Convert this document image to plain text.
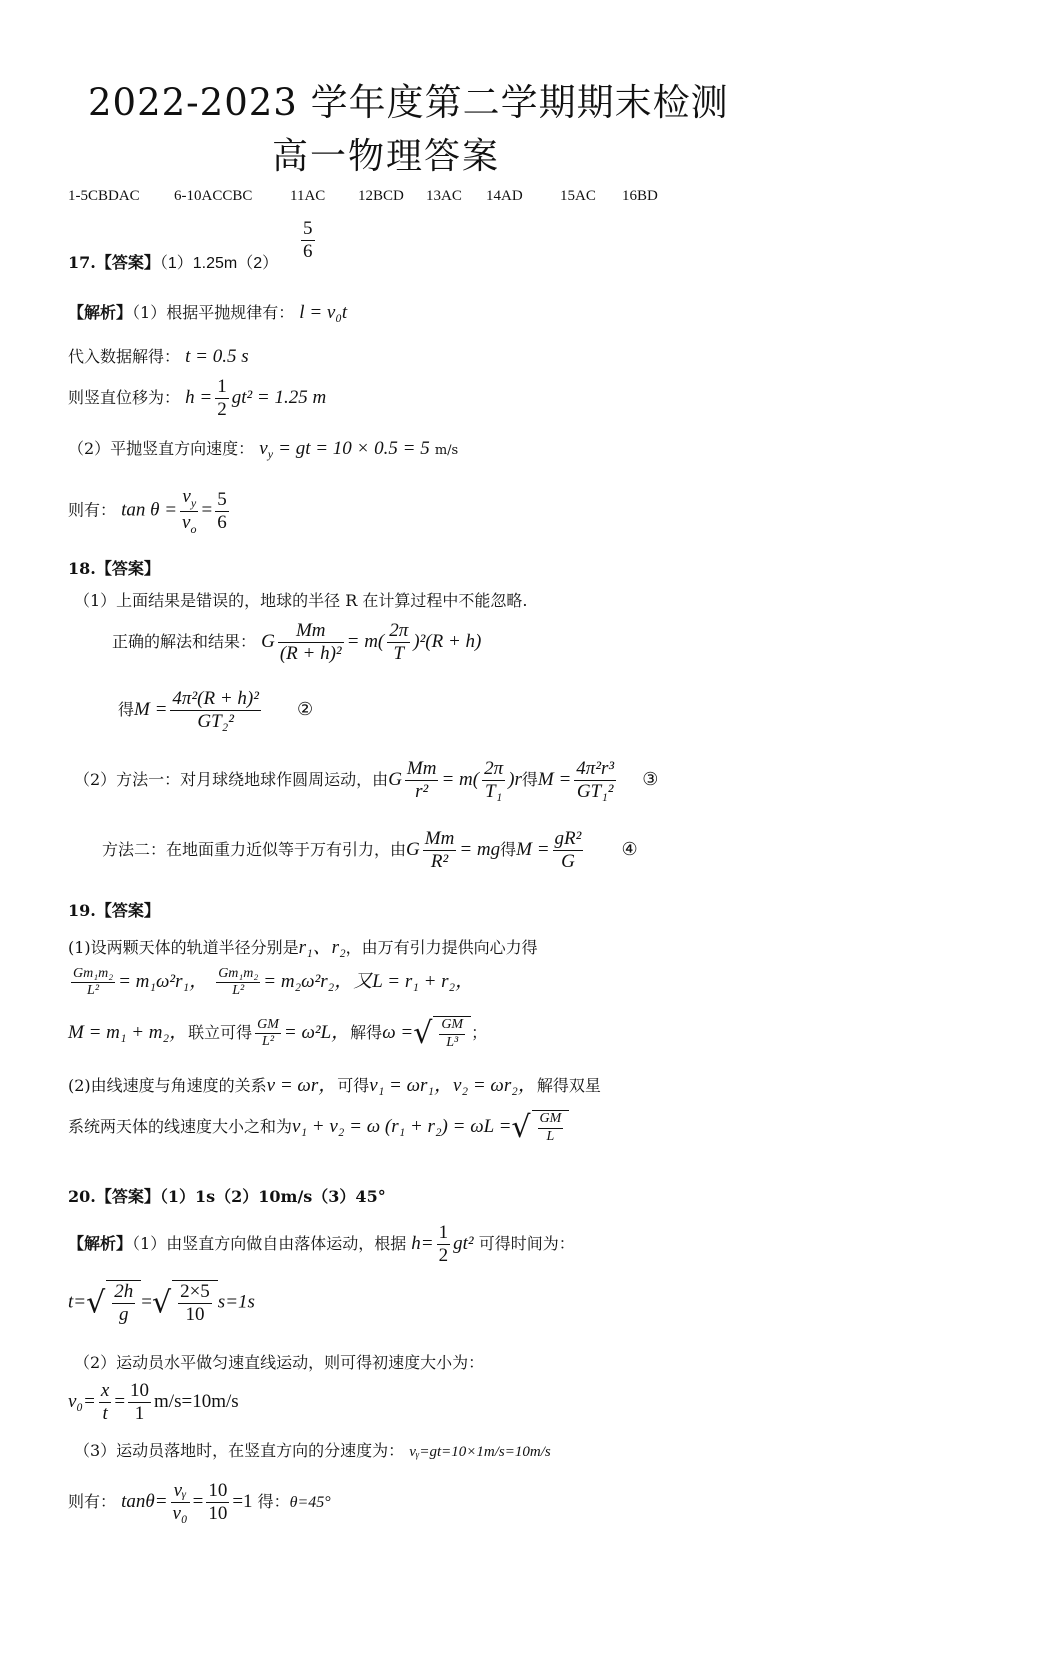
2022-2023 学年度第二学期期末检测
高一物理答案
1-5CBDAC 6-10ACCBC	11AC 12BCD 13AC 14AD 15AC 16BD
17.【答案】（1）1.25m（2）
$\frac{5}{6}$
【解析】（1）根据平抛规律有： l = v₀t
代入数据解得： t = 0.5 s
则竖直位移为： $h = \frac{1}{2} gt^2 = 1.25$ m
（2）平抛竖直方向速度： $v_y$ = gt = 10 × 0.5 = 5 m/s
则有： $\tan \theta = \frac{v_y}{v_o} = \frac{5}{6}$
18.【答案】
（1）上面结果是错误的，地球的半径 R 在计算过程中不能忽略.
正确的解法和结果： G $\frac{Mm}{\text{(R + h)²}} = m( \frac{2\pi}{T} )^2(R + h)$
得$M = \frac{\text{4π²(R + h)²}}{\text{GT₂²}}$ ②
（2）方法一：对月球绕地球作圆周运动，由G $\frac{Mm}{\text{r²}} = m( \frac{2\pi}{\text{T₁}} )r$得$M = \frac{\text{4π²r³}}{\text{GT₁²}}$ ③
方法二：在地面重力近似等于万有引力，由G $\frac{Mm}{\text{R²}}$ = mg得$M = \frac{\text{gR²}}{G}$ ④
19.【答案】
(1)设两颗天体的轨道半径分别是r₁、r₂，由万有引力提供向心力得
$\frac{\text{Gm₁m₂}}{\text{L²}} = m_1\omega^2r_1$， $\frac{\text{Gm₁m₂}}{\text{L²}} = m_2\omega^2r_2$，又L = r₁ + r₂，
M = m₁ + m₂，联立可得 $\frac{GM}{\text{L²}} = \omega^2L$，解得ω =√ $\frac{GM}{\text{L³}}$ ；
(2)由线速度与角速度的关系v = ωr，可得v₁ = ωr₁，v₂ = ωr₂，解得双星
系统两天体的线速度大小之和为v₁ + v₂ = ω (r₁ + r₂) = ωL =√ $\frac{GM}{L}$
20.【答案】（1）1s（2）10m/s（3）45°
【解析】（1）由竖直方向做自由落体运动，根据 $h= \frac{1}{2} gt^2$ 可得时间为：
$t=√ \frac{2h}{g}$ =√ $\frac{2\times 5}{10} s=1s$
（2）运动员水平做匀速直线运动，则可得初速度大小为：
$v_0= \frac{x}{t} = \frac{10}{1} m/s=10m/s$
（3）运动员落地时，在竖直方向的分速度为： vᵧ=gt=10×1m/s=10m/s
则有： $\tan\theta= \frac{\text{vᵧ}}{\text{v₀}} = \frac{10}{10} =1$ 得：θ=45°
